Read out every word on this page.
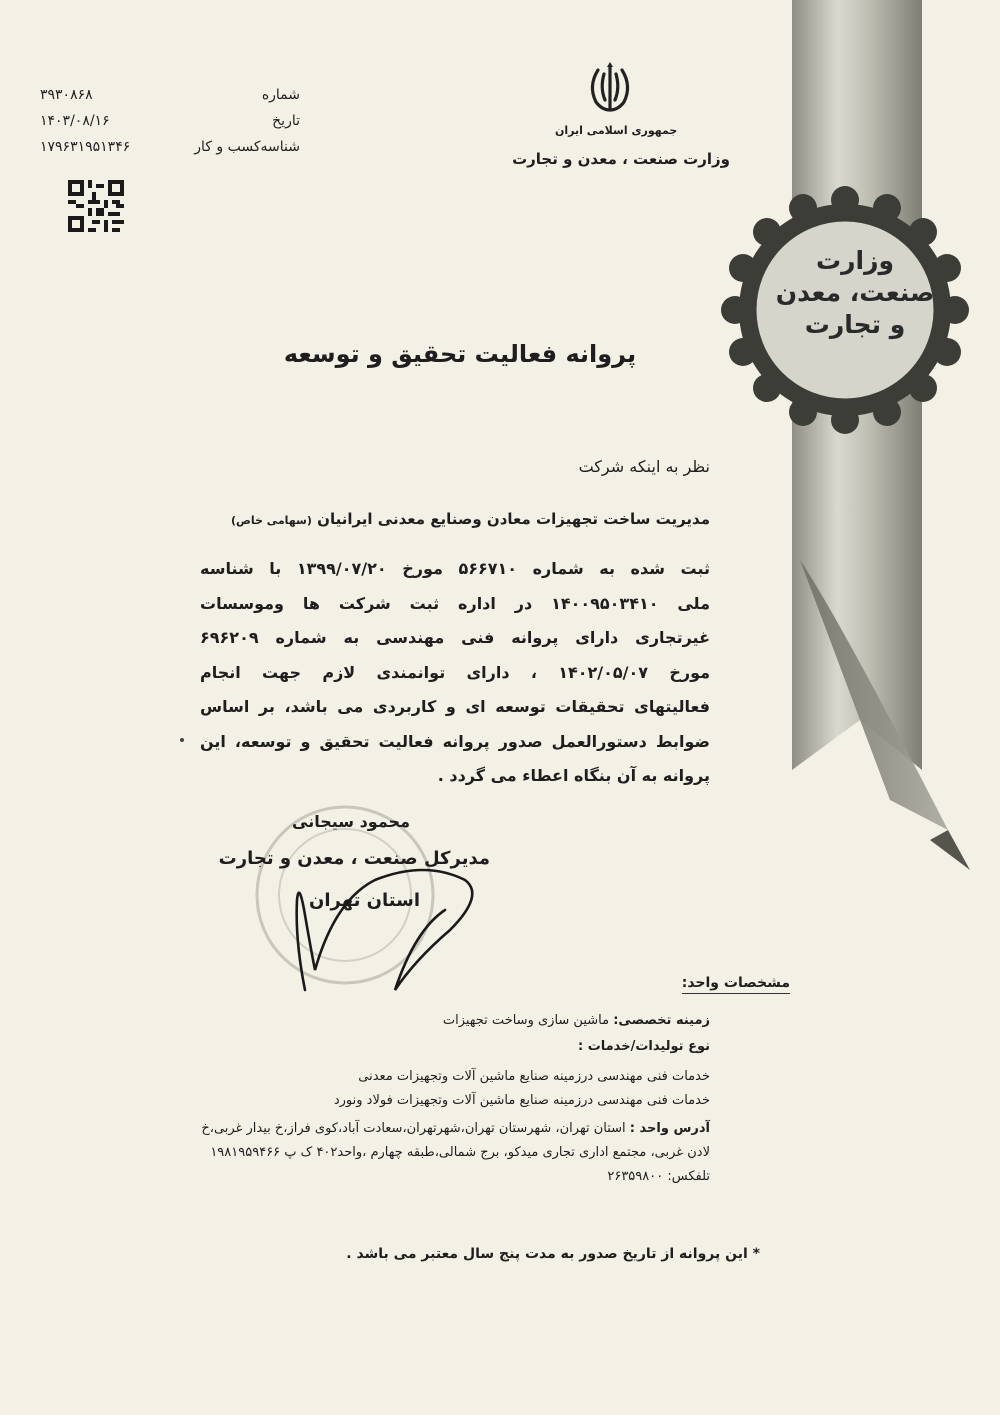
وزارت
صنعت، معدن
و تجارت
شماره
۳۹۳۰۸۶۸
تاریخ
۱۴۰۳/۰۸/۱۶
شناسه‌کسب و کار
۱۷۹۶۳۱۹۵۱۳۴۶
جمهوری اسلامی ایران
وزارت صنعت ، معدن و تجارت
پروانه فعالیت تحقیق و توسعه
نظر به اینکه شرکت
مدیریت ساخت تجهیزات معادن وصنایع معدنی ایرانیان (سهامی خاص)
ثبت شده به شماره ۵۶۶۷۱۰ مورخ ۱۳۹۹/۰۷/۲۰ با شناسه
ملی ۱۴۰۰۹۵۰۳۴۱۰ در اداره ثبت شرکت ها وموسسات
غیرتجاری دارای پروانه فنی مهندسی به شماره ۶۹۶۲۰۹
مورخ ۱۴۰۲/۰۵/۰۷ ، دارای توانمندی لازم جهت انجام
فعالیتهای تحقیقات توسعه ای و کاربردی می باشد، بر اساس
ضوابط دستورالعمل صدور پروانه فعالیت تحقیق و توسعه، این
پروانه به آن بنگاه اعطاء می گردد .
محمود سیجانی
مدیرکل صنعت ، معدن و تجارت
استان تهران
مشخصات واحد:
زمینه تخصصی: ماشین سازی وساخت تجهیزات
نوع تولیدات/خدمات :
خدمات فنی مهندسی درزمینه صنایع ماشین آلات وتجهیزات معدنی
خدمات فنی مهندسی درزمینه صنایع ماشین آلات وتجهیزات فولاد ونورد
آدرس واحد : استان تهران، شهرستان تهران،شهرتهران،سعادت آباد،کوی فراز،خ بیدار غربی،خ
لادن غربی، مجتمع اداری تجاری میدکو، برج شمالی،طبقه چهارم ،واحد۴۰۲ ک پ ۱۹۸۱۹۵۹۴۶۶
تلفکس: ۲۶۳۵۹۸۰۰
* این پروانه از تاریخ صدور به مدت پنج سال معتبر می باشد .
